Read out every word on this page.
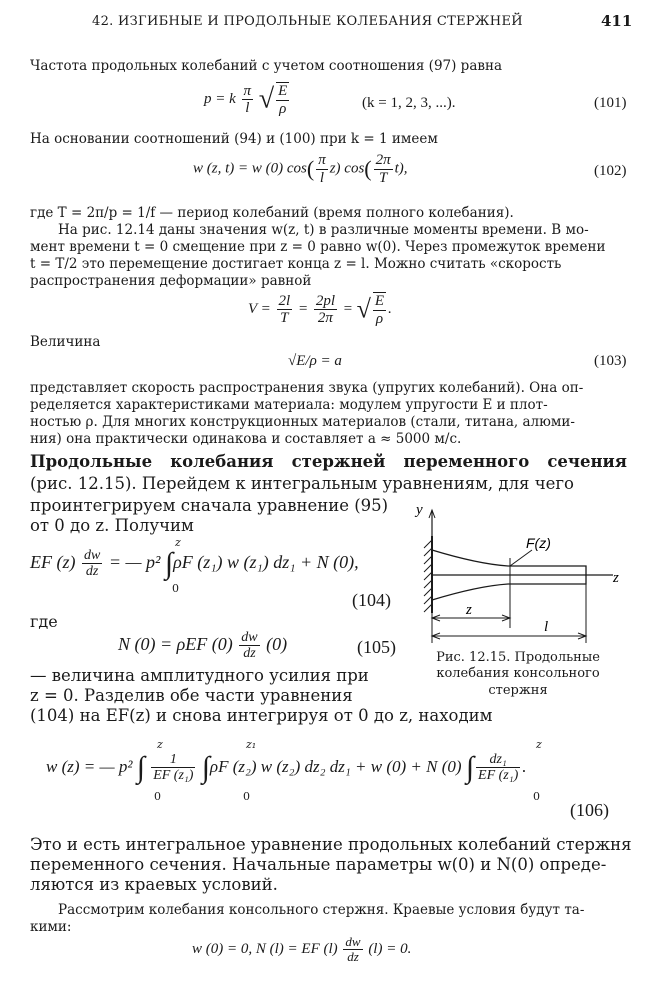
42. ИЗГИБНЫЕ И ПРОДОЛЬНЫЕ КОЛЕБАНИЯ СТЕРЖНЕЙ	411
Частота продольных колебаний с учетом соотношения (97) равна
p = k $\frac{\pi}{l}$ √ $\frac{E}{\rho}$	(k = 1, 2, 3, ...).	(101)
На основании соотношений (94) и (100) при k = 1 имеем
w (z, t) = w (0) $\cos( \frac{\pi}{l} z)$ $\cos( \frac{2\pi}{T} t)$,	(102)
где T = 2π/p = 1/f — период колебаний (время полного колебания).
На рис. 12.14 даны значения w(z, t) в различные моменты времени. В мо-
мент времени t = 0 смещение при z = 0 равно w(0). Через промежуток времени
t = T/2 это перемещение достигает конца z = l. Можно считать «скорость
распространения деформации» равной
$V = \frac{2l}{T} = \frac{2pl}{2\pi}$ = √ $\frac{E}{\rho}$ .
Величина
√E/ρ = a	(103)
представляет скорость распространения звука (упругих колебаний). Она оп-
ределяется характеристиками материала: модулем упругости E и плот-
ностью ρ. Для многих конструкционных материалов (стали, титана, алюми-
ния) она практически одинакова и составляет a ≈ 5000 м/с.
Продольные колебания стержней переменного сечения
(рис. 12.15). Перейдем к интегральным уравнениям, для чего
проинтегрируем сначала уравнение (95)
от 0 до z. Получим
EF $(z) \frac{dw}{dz}$ = — p² ∫ρF (z₁) w (z₁) dz₁ + N (0),
z
0
(104)
где
N (0) = ρEF $(0) \frac{dw}{dz} (0)$	(105)
— величина амплитудного усилия при
z = 0. Разделив обе части уравнения
(104) на EF(z) и снова интегрируя от 0 до z, находим
y
F(z)
z
z
l
Рис. 12.15. Продольные
колебания консольного
стержня
w (z) = — p² ∫ $\frac{1}{\text{EF (z₁)}} \int\rho F$ (z₂) w (z₂) dz₂ dz₁ + w (0) + N (0) ∫ $\frac{\text{dz₁}}{\text{EF (z₁)}}$ .
z
0
z₁
0
z
0
(106)
Это и есть интегральное уравнение продольных колебаний стержня
переменного сечения. Начальные параметры w(0) и N(0) опреде-
ляются из краевых условий.
Рассмотрим колебания консольного стержня. Краевые условия будут та-
кими:
w (0) = 0, N (l) = EF $(l) \frac{dw}{dz} (l) = 0$.
